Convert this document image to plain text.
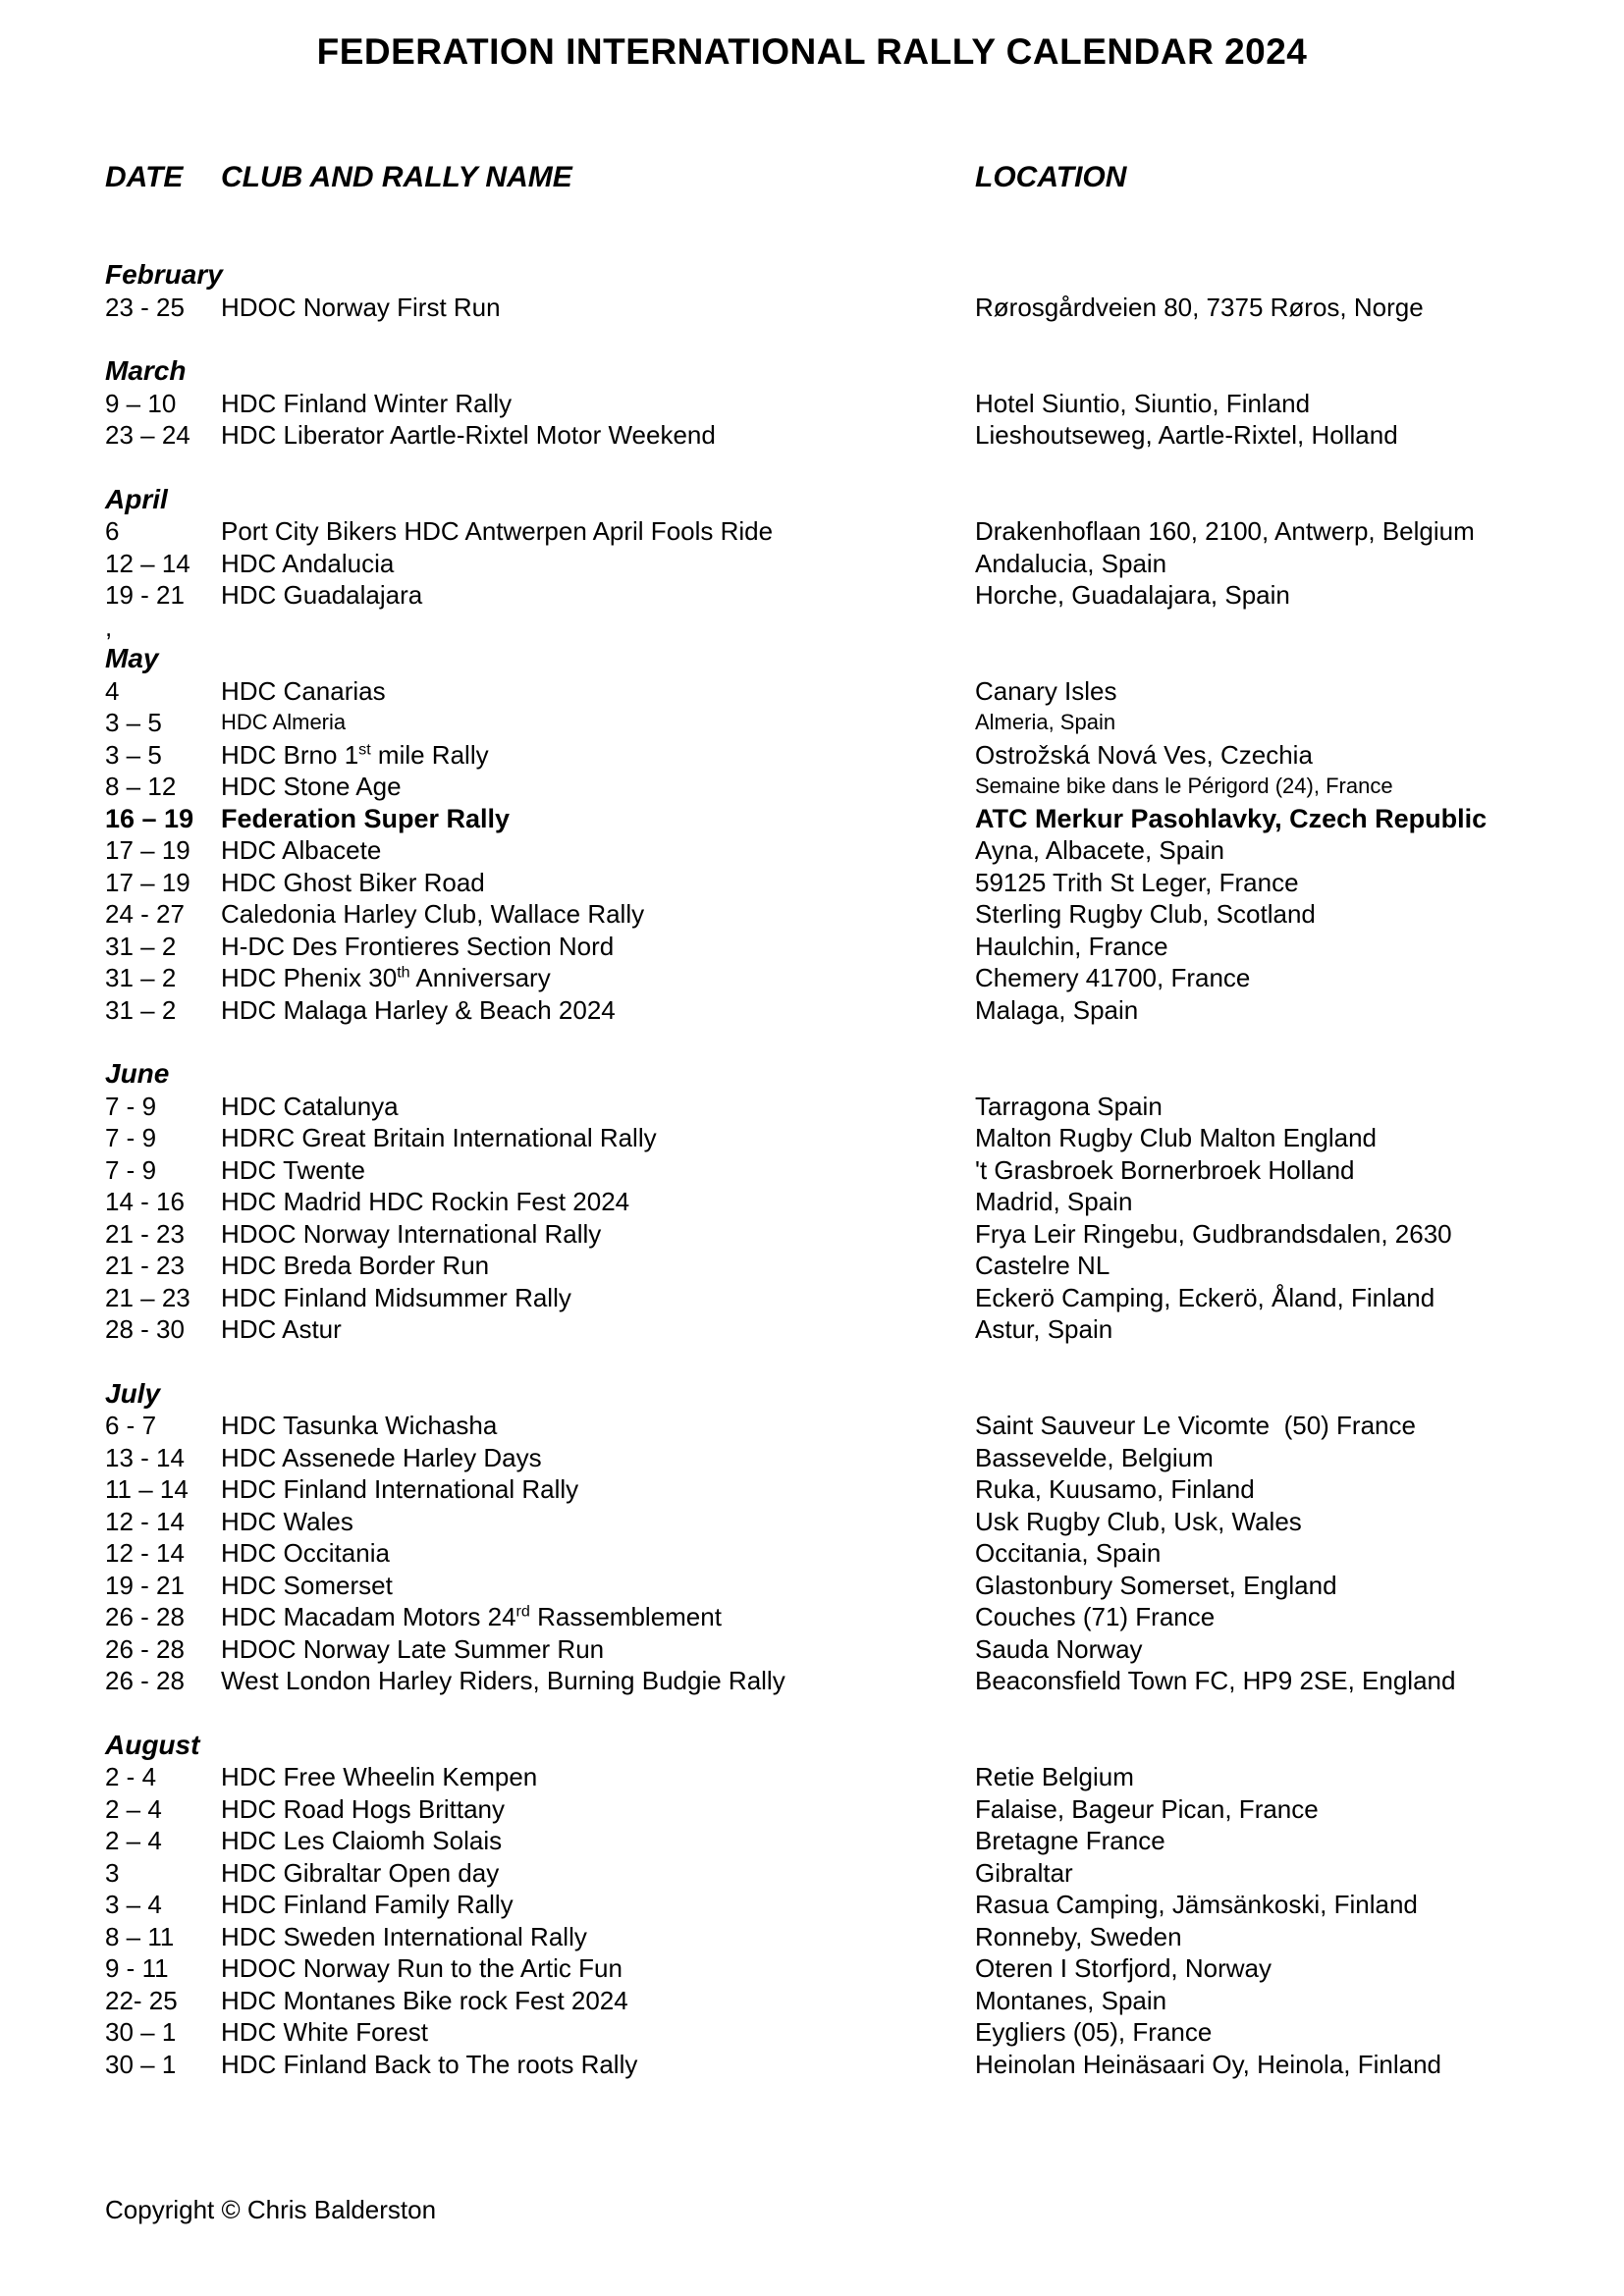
FEDERATION INTERNATIONAL RALLY CALENDAR 2024
DATE	CLUB AND RALLY NAME	LOCATION
February
23 - 25	HDOC Norway First Run	Rørosgårdveien 80, 7375 Røros, Norge
March
9 – 10	HDC Finland Winter Rally	Hotel Siuntio, Siuntio, Finland
23 – 24	HDC Liberator Aartle-Rixtel Motor Weekend	Lieshoutseweg, Aartle-Rixtel, Holland
April
6	Port City Bikers HDC Antwerpen April Fools Ride	Drakenhoflaan 160, 2100, Antwerp, Belgium
12 – 14	HDC Andalucia	Andalucia, Spain
19 - 21	HDC Guadalajara	Horche, Guadalajara, Spain
,
May
4	HDC Canarias	Canary Isles
3 – 5	HDC Almeria	Almeria, Spain
3 – 5	HDC Brno 1st mile Rally	Ostrožská Nová Ves, Czechia
8 – 12	HDC Stone Age	Semaine bike dans le Périgord (24), France
16 – 19	Federation Super Rally	ATC Merkur Pasohlavky, Czech Republic
17 – 19	HDC Albacete	Ayna, Albacete, Spain
17 – 19	HDC Ghost Biker Road	59125 Trith St Leger, France
24 - 27	Caledonia Harley Club, Wallace Rally	Sterling Rugby Club, Scotland
31 – 2	H-DC Des Frontieres Section Nord	Haulchin, France
31 – 2	HDC Phenix 30th Anniversary	Chemery 41700, France
31 – 2	HDC Malaga Harley & Beach 2024	Malaga, Spain
June
7 - 9	HDC Catalunya	Tarragona Spain
7 - 9	HDRC Great Britain International Rally	Malton Rugby Club Malton England
7 - 9	HDC Twente	't Grasbroek Bornerbroek Holland
14 - 16	HDC Madrid HDC Rockin Fest 2024	Madrid, Spain
21 - 23	HDOC Norway International Rally	Frya Leir Ringebu, Gudbrandsdalen, 2630
21 - 23	HDC Breda Border Run	Castelre NL
21 – 23	HDC Finland Midsummer Rally	Eckerö Camping, Eckerö, Åland, Finland
28 - 30	HDC Astur	Astur, Spain
July
6 - 7	HDC Tasunka Wichasha	Saint Sauveur Le Vicomte  (50) France
13 - 14	HDC Assenede Harley Days	Bassevelde, Belgium
11 – 14	HDC Finland International Rally	Ruka, Kuusamo, Finland
12 - 14	HDC Wales	Usk Rugby Club, Usk, Wales
12 - 14	HDC Occitania	Occitania, Spain
19 - 21	HDC Somerset	Glastonbury Somerset, England
26 - 28	HDC Macadam Motors 24rd Rassemblement	Couches (71) France
26 - 28	HDOC Norway Late Summer Run	Sauda Norway
26 - 28	West London Harley Riders, Burning Budgie Rally	Beaconsfield Town FC, HP9 2SE, England
August
2 - 4	HDC Free Wheelin Kempen	Retie Belgium
2 – 4	HDC Road Hogs Brittany	Falaise, Bageur Pican, France
2 – 4	HDC Les Claiomh Solais	Bretagne France
3	HDC Gibraltar Open day	Gibraltar
3 – 4	HDC Finland Family Rally	Rasua Camping, Jämsänkoski, Finland
8 – 11	HDC Sweden International Rally	Ronneby, Sweden
9 - 11	HDOC Norway Run to the Artic Fun	Oteren I Storfjord, Norway
22- 25	HDC Montanes Bike rock Fest 2024	Montanes, Spain
30 – 1	HDC White Forest	Eygliers (05), France
30 – 1	HDC Finland Back to The roots Rally	Heinolan Heinäsaari Oy, Heinola, Finland
Copyright © Chris Balderston
